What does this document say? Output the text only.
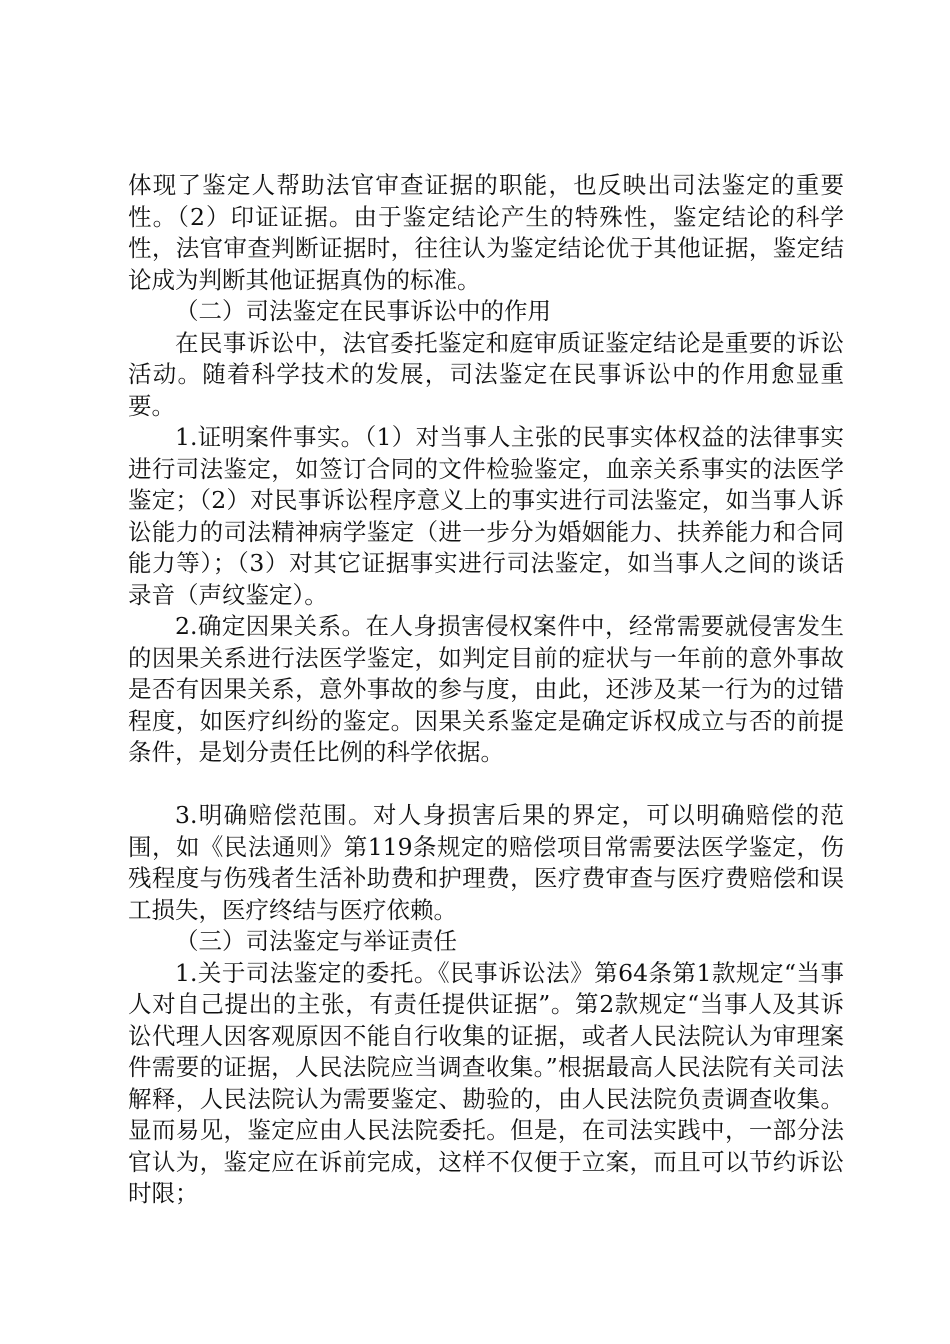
体现了鉴定人帮助法官审查证据的职能，也反映出司法鉴定的重要性。（2）印证证据。由于鉴定结论产生的特殊性，鉴定结论的科学性，法官审查判断证据时，往往认为鉴定结论优于其他证据，鉴定结论成为判断其他证据真伪的标准。

（二）司法鉴定在民事诉讼中的作用

在民事诉讼中，法官委托鉴定和庭审质证鉴定结论是重要的诉讼活动。随着科学技术的发展，司法鉴定在民事诉讼中的作用愈显重要。

1.证明案件事实。（1）对当事人主张的民事实体权益的法律事实进行司法鉴定，如签订合同的文件检验鉴定，血亲关系事实的法医学鉴定；（2）对民事诉讼程序意义上的事实进行司法鉴定，如当事人诉讼能力的司法精神病学鉴定（进一步分为婚姻能力、扶养能力和合同能力等）；（3）对其它证据事实进行司法鉴定，如当事人之间的谈话录音（声纹鉴定）。

2.确定因果关系。在人身损害侵权案件中，经常需要就侵害发生的因果关系进行法医学鉴定，如判定目前的症状与一年前的意外事故是否有因果关系，意外事故的参与度，由此，还涉及某一行为的过错程度，如医疗纠纷的鉴定。因果关系鉴定是确定诉权成立与否的前提条件，是划分责任比例的科学依据。

3.明确赔偿范围。对人身损害后果的界定，可以明确赔偿的范围，如《民法通则》第119条规定的赔偿项目常需要法医学鉴定，伤残程度与伤残者生活补助费和护理费，医疗费审查与医疗费赔偿和误工损失，医疗终结与医疗依赖。

（三）司法鉴定与举证责任

1.关于司法鉴定的委托。《民事诉讼法》第64条第1款规定“当事人对自己提出的主张，有责任提供证据”。第2款规定“当事人及其诉讼代理人因客观原因不能自行收集的证据，或者人民法院认为审理案件需要的证据，人民法院应当调查收集。”根据最高人民法院有关司法解释，人民法院认为需要鉴定、勘验的，由人民法院负责调查收集。显而易见，鉴定应由人民法院委托。但是，在司法实践中，一部分法官认为，鉴定应在诉前完成，这样不仅便于立案，而且可以节约诉讼时限；
